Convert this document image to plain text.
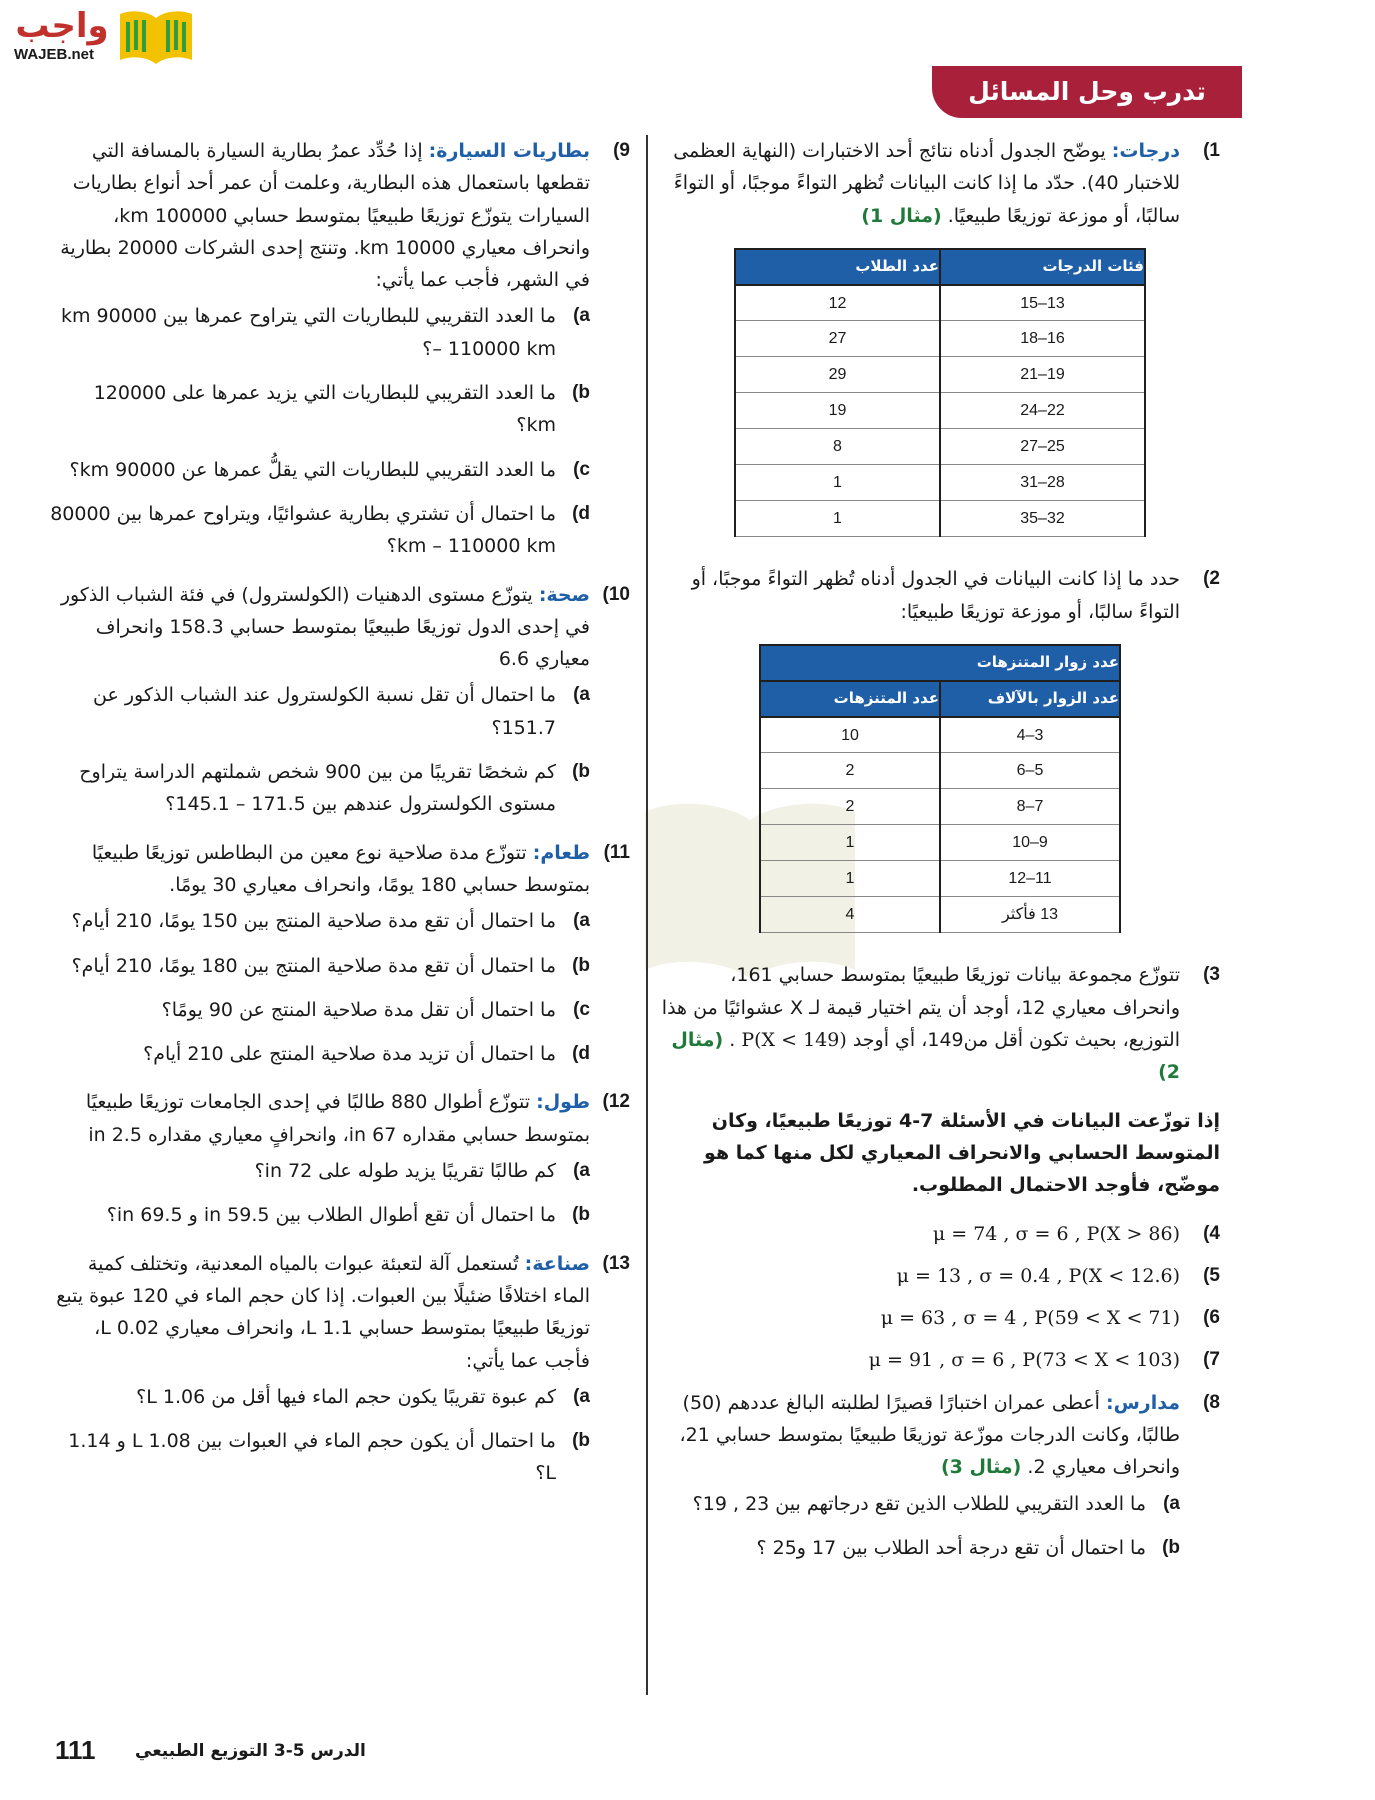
واجب
WAJEB.net
تدرب وحل المسائل
1)
درجات: يوضّح الجدول أدناه نتائج أحد الاختبارات (النهاية العظمى للاختبار 40). حدّد ما إذا كانت البيانات تُظهر التواءً موجبًا، أو التواءً سالبًا، أو موزعة توزيعًا طبيعيًا. (مثال 1)
فئات الدرجات	عدد الطلاب
13–15	12
16–18	27
19–21	29
22–24	19
25–27	8
28–31	1
32–35	1
2)
حدد ما إذا كانت البيانات في الجدول أدناه تُظهر التواءً موجبًا، أو التواءً سالبًا، أو موزعة توزيعًا طبيعيًا:
عدد زوار المتنزهات	
عدد الزوار بالآلاف	عدد المتنزهات
3–4	10
5–6	2
7–8	2
9–10	1
11–12	1
13 فأكثر	4
3)
تتوزّع مجموعة بيانات توزيعًا طبيعيًا بمتوسط حسابي 161، وانحراف معياري 12، أوجد أن يتم اختيار قيمة لـ X عشوائيًا من هذا التوزيع، بحيث تكون أقل من149، أي أوجد P(X < 149) . (مثال 2)
إذا توزّعت البيانات في الأسئلة 7-4 توزيعًا طبيعيًا، وكان المتوسط الحسابي والانحراف المعياري لكل منها كما هو موضّح، فأوجد الاحتمال المطلوب.
4)
μ = 74 , σ = 6 , P(X > 86)
5)
μ = 13 , σ = 0.4 , P(X < 12.6)
6)
μ = 63 , σ = 4 , P(59 < X < 71)
7)
μ = 91 , σ = 6 , P(73 < X < 103)
8)
مدارس: أعطى عمران اختبارًا قصيرًا لطلبته البالغ عددهم (50) طالبًا، وكانت الدرجات موزّعة توزيعًا طبيعيًا بمتوسط حسابي 21، وانحراف معياري 2. (مثال 3)
a)
ما العدد التقريبي للطلاب الذين تقع درجاتهم بين 23 , 19؟
b)
ما احتمال أن تقع درجة أحد الطلاب بين 17 و25 ؟
9)
بطاريات السيارة: إذا حُدِّد عمرُ بطارية السيارة بالمسافة التي تقطعها باستعمال هذه البطارية، وعلمت أن عمر أحد أنواع بطاريات السيارات يتوزّع توزيعًا طبيعيًا بمتوسط حسابي 100000 km، وانحراف معياري 10000 km. وتنتج إحدى الشركات 20000 بطارية في الشهر، فأجب عما يأتي:
a)
ما العدد التقريبي للبطاريات التي يتراوح عمرها بين 90000 km – 110000 km؟
b)
ما العدد التقريبي للبطاريات التي يزيد عمرها على 120000 km؟
c)
ما العدد التقريبي للبطاريات التي يقلُّ عمرها عن 90000 km؟
d)
ما احتمال أن تشتري بطارية عشوائيًا، ويتراوح عمرها بين 80000 km – 110000 km؟
10)
صحة: يتوزّع مستوى الدهنيات (الكولسترول) في فئة الشباب الذكور في إحدى الدول توزيعًا طبيعيًا بمتوسط حسابي 158.3 وانحراف معياري 6.6
a)
ما احتمال أن تقل نسبة الكولسترول عند الشباب الذكور عن 151.7؟
b)
كم شخصًا تقريبًا من بين 900 شخص شملتهم الدراسة يتراوح مستوى الكولسترول عندهم بين 171.5 – 145.1؟
11)
طعام: تتوزّع مدة صلاحية نوع معين من البطاطس توزيعًا طبيعيًا بمتوسط حسابي 180 يومًا، وانحراف معياري 30 يومًا.
a)
ما احتمال أن تقع مدة صلاحية المنتج بين 150 يومًا، 210 أيام؟
b)
ما احتمال أن تقع مدة صلاحية المنتج بين 180 يومًا، 210 أيام؟
c)
ما احتمال أن تقل مدة صلاحية المنتج عن 90 يومًا؟
d)
ما احتمال أن تزيد مدة صلاحية المنتج على 210 أيام؟
12)
طول: تتوزّع أطوال 880 طالبًا في إحدى الجامعات توزيعًا طبيعيًا بمتوسط حسابي مقداره 67 in، وانحرافٍ معياري مقداره 2.5 in
a)
كم طالبًا تقريبًا يزيد طوله على 72 in؟
b)
ما احتمال أن تقع أطوال الطلاب بين 59.5 in و 69.5 in؟
13)
صناعة: تُستعمل آلة لتعبئة عبوات بالمياه المعدنية، وتختلف كمية الماء اختلافًا ضئيلًا بين العبوات. إذا كان حجم الماء في 120 عبوة يتبع توزيعًا طبيعيًا بمتوسط حسابي 1.1 L، وانحراف معياري 0.02 L، فأجب عما يأتي:
a)
كم عبوة تقريبًا يكون حجم الماء فيها أقل من 1.06 L؟
b)
ما احتمال أن يكون حجم الماء في العبوات بين 1.08 L و 1.14 L؟
111 الدرس 5-3 التوزيع الطبيعي
